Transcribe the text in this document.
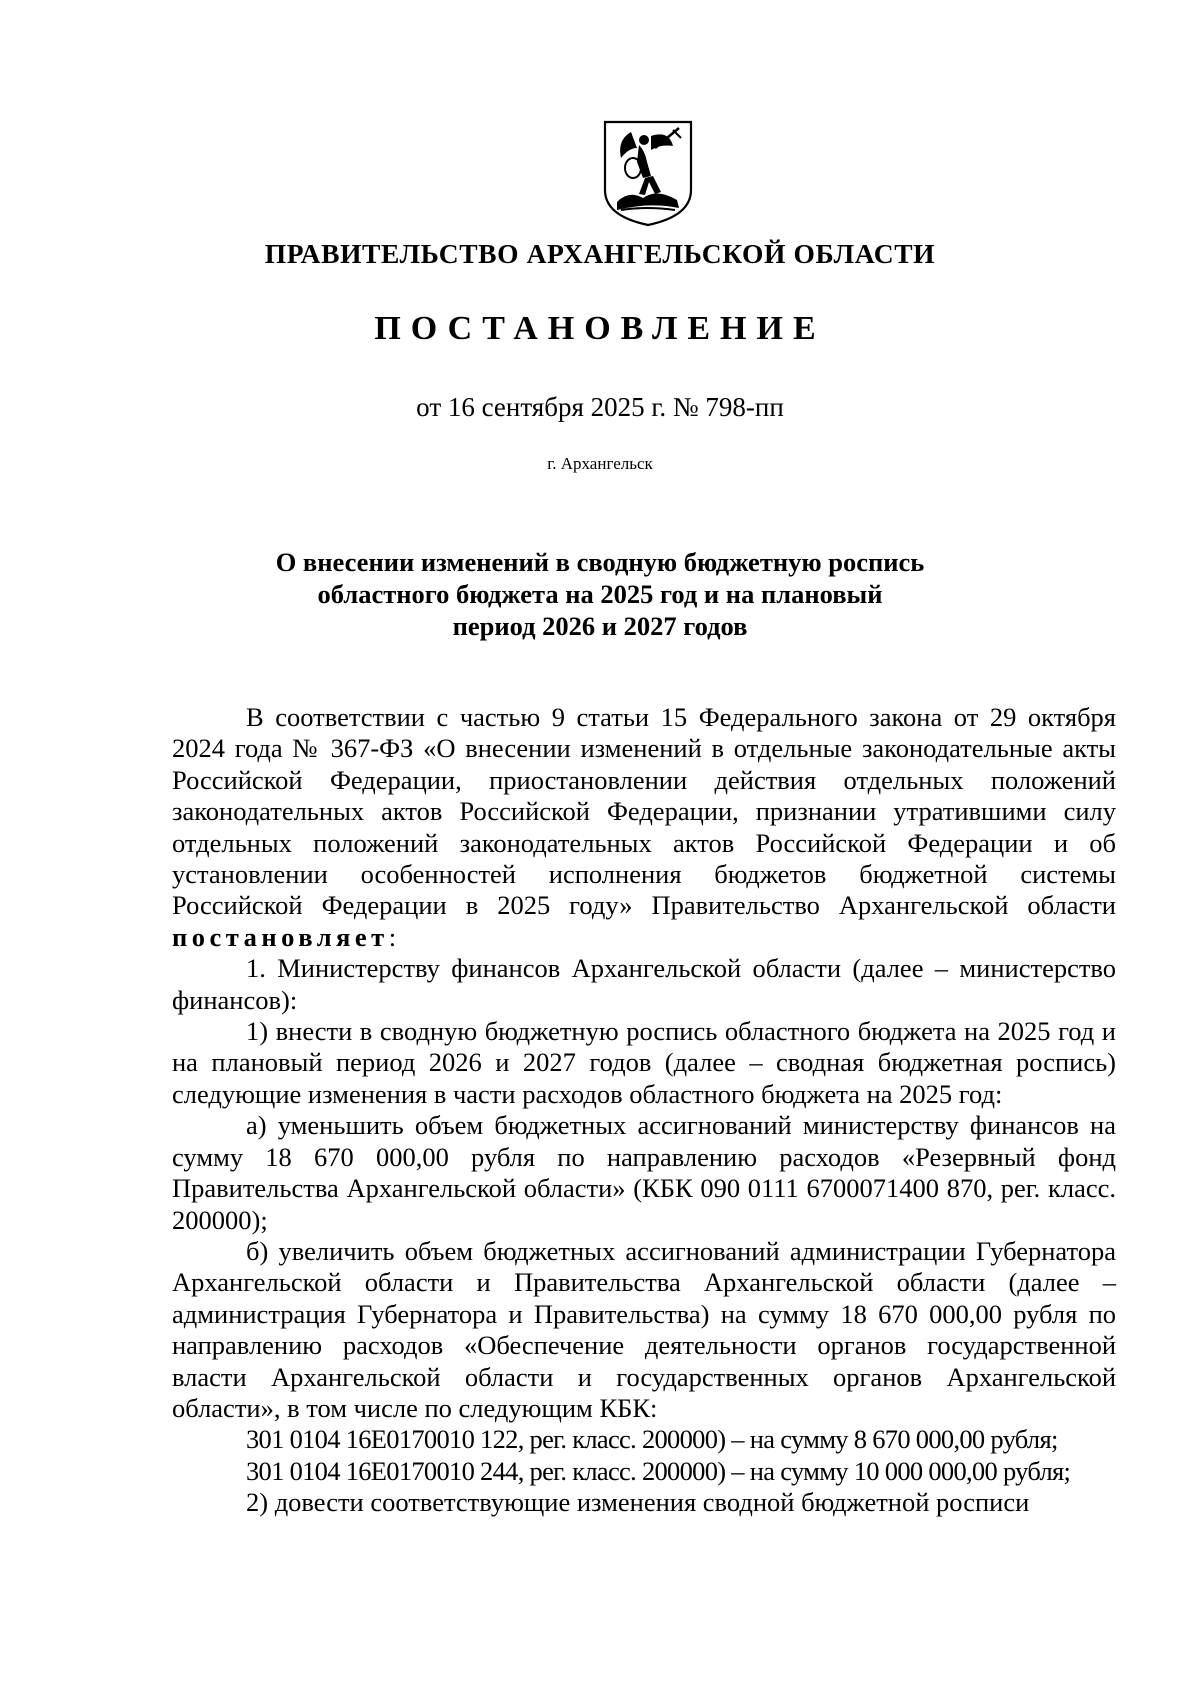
ПРАВИТЕЛЬСТВО АРХАНГЕЛЬСКОЙ ОБЛАСТИ
ПОСТАНОВЛЕНИЕ
от 16 сентября 2025 г. № 798-пп
г. Архангельск
О внесении изменений в сводную бюджетную роспись
областного бюджета на 2025 год и на плановый
период 2026 и 2027 годов
В соответствии с частью 9 статьи 15 Федерального закона от 29 октября 2024 года № 367-ФЗ «О внесении изменений в отдельные законодательные акты Российской Федерации, приостановлении действия отдельных положений законодательных актов Российской Федерации, признании утратившими силу отдельных положений законодательных актов Российской Федерации и об установлении особенностей исполнения бюджетов бюджетной системы Российской Федерации в 2025 году» Правительство Архангельской области постановляет:
1. Министерству финансов Архангельской области (далее – министерство финансов):
1) внести в сводную бюджетную роспись областного бюджета на 2025 год и на плановый период 2026 и 2027 годов (далее – сводная бюджетная роспись) следующие изменения в части расходов областного бюджета на 2025 год:
а) уменьшить объем бюджетных ассигнований министерству финансов на сумму 18 670 000,00 рубля по направлению расходов «Резервный фонд Правительства Архангельской области» (КБК 090 0111 6700071400 870, рег. класс. 200000);
б) увеличить объем бюджетных ассигнований администрации Губернатора Архангельской области и Правительства Архангельской области (далее – администрация Губернатора и Правительства) на сумму 18 670 000,00 рубля по направлению расходов «Обеспечение деятельности органов государственной власти Архангельской области и государственных органов Архангельской области», в том числе по следующим КБК:
301 0104 16Е0170010 122, рег. класс. 200000) – на сумму 8 670 000,00 рубля;
301 0104 16Е0170010 244, рег. класс. 200000) – на сумму 10 000 000,00 рубля;
2) довести соответствующие изменения сводной бюджетной росписи
